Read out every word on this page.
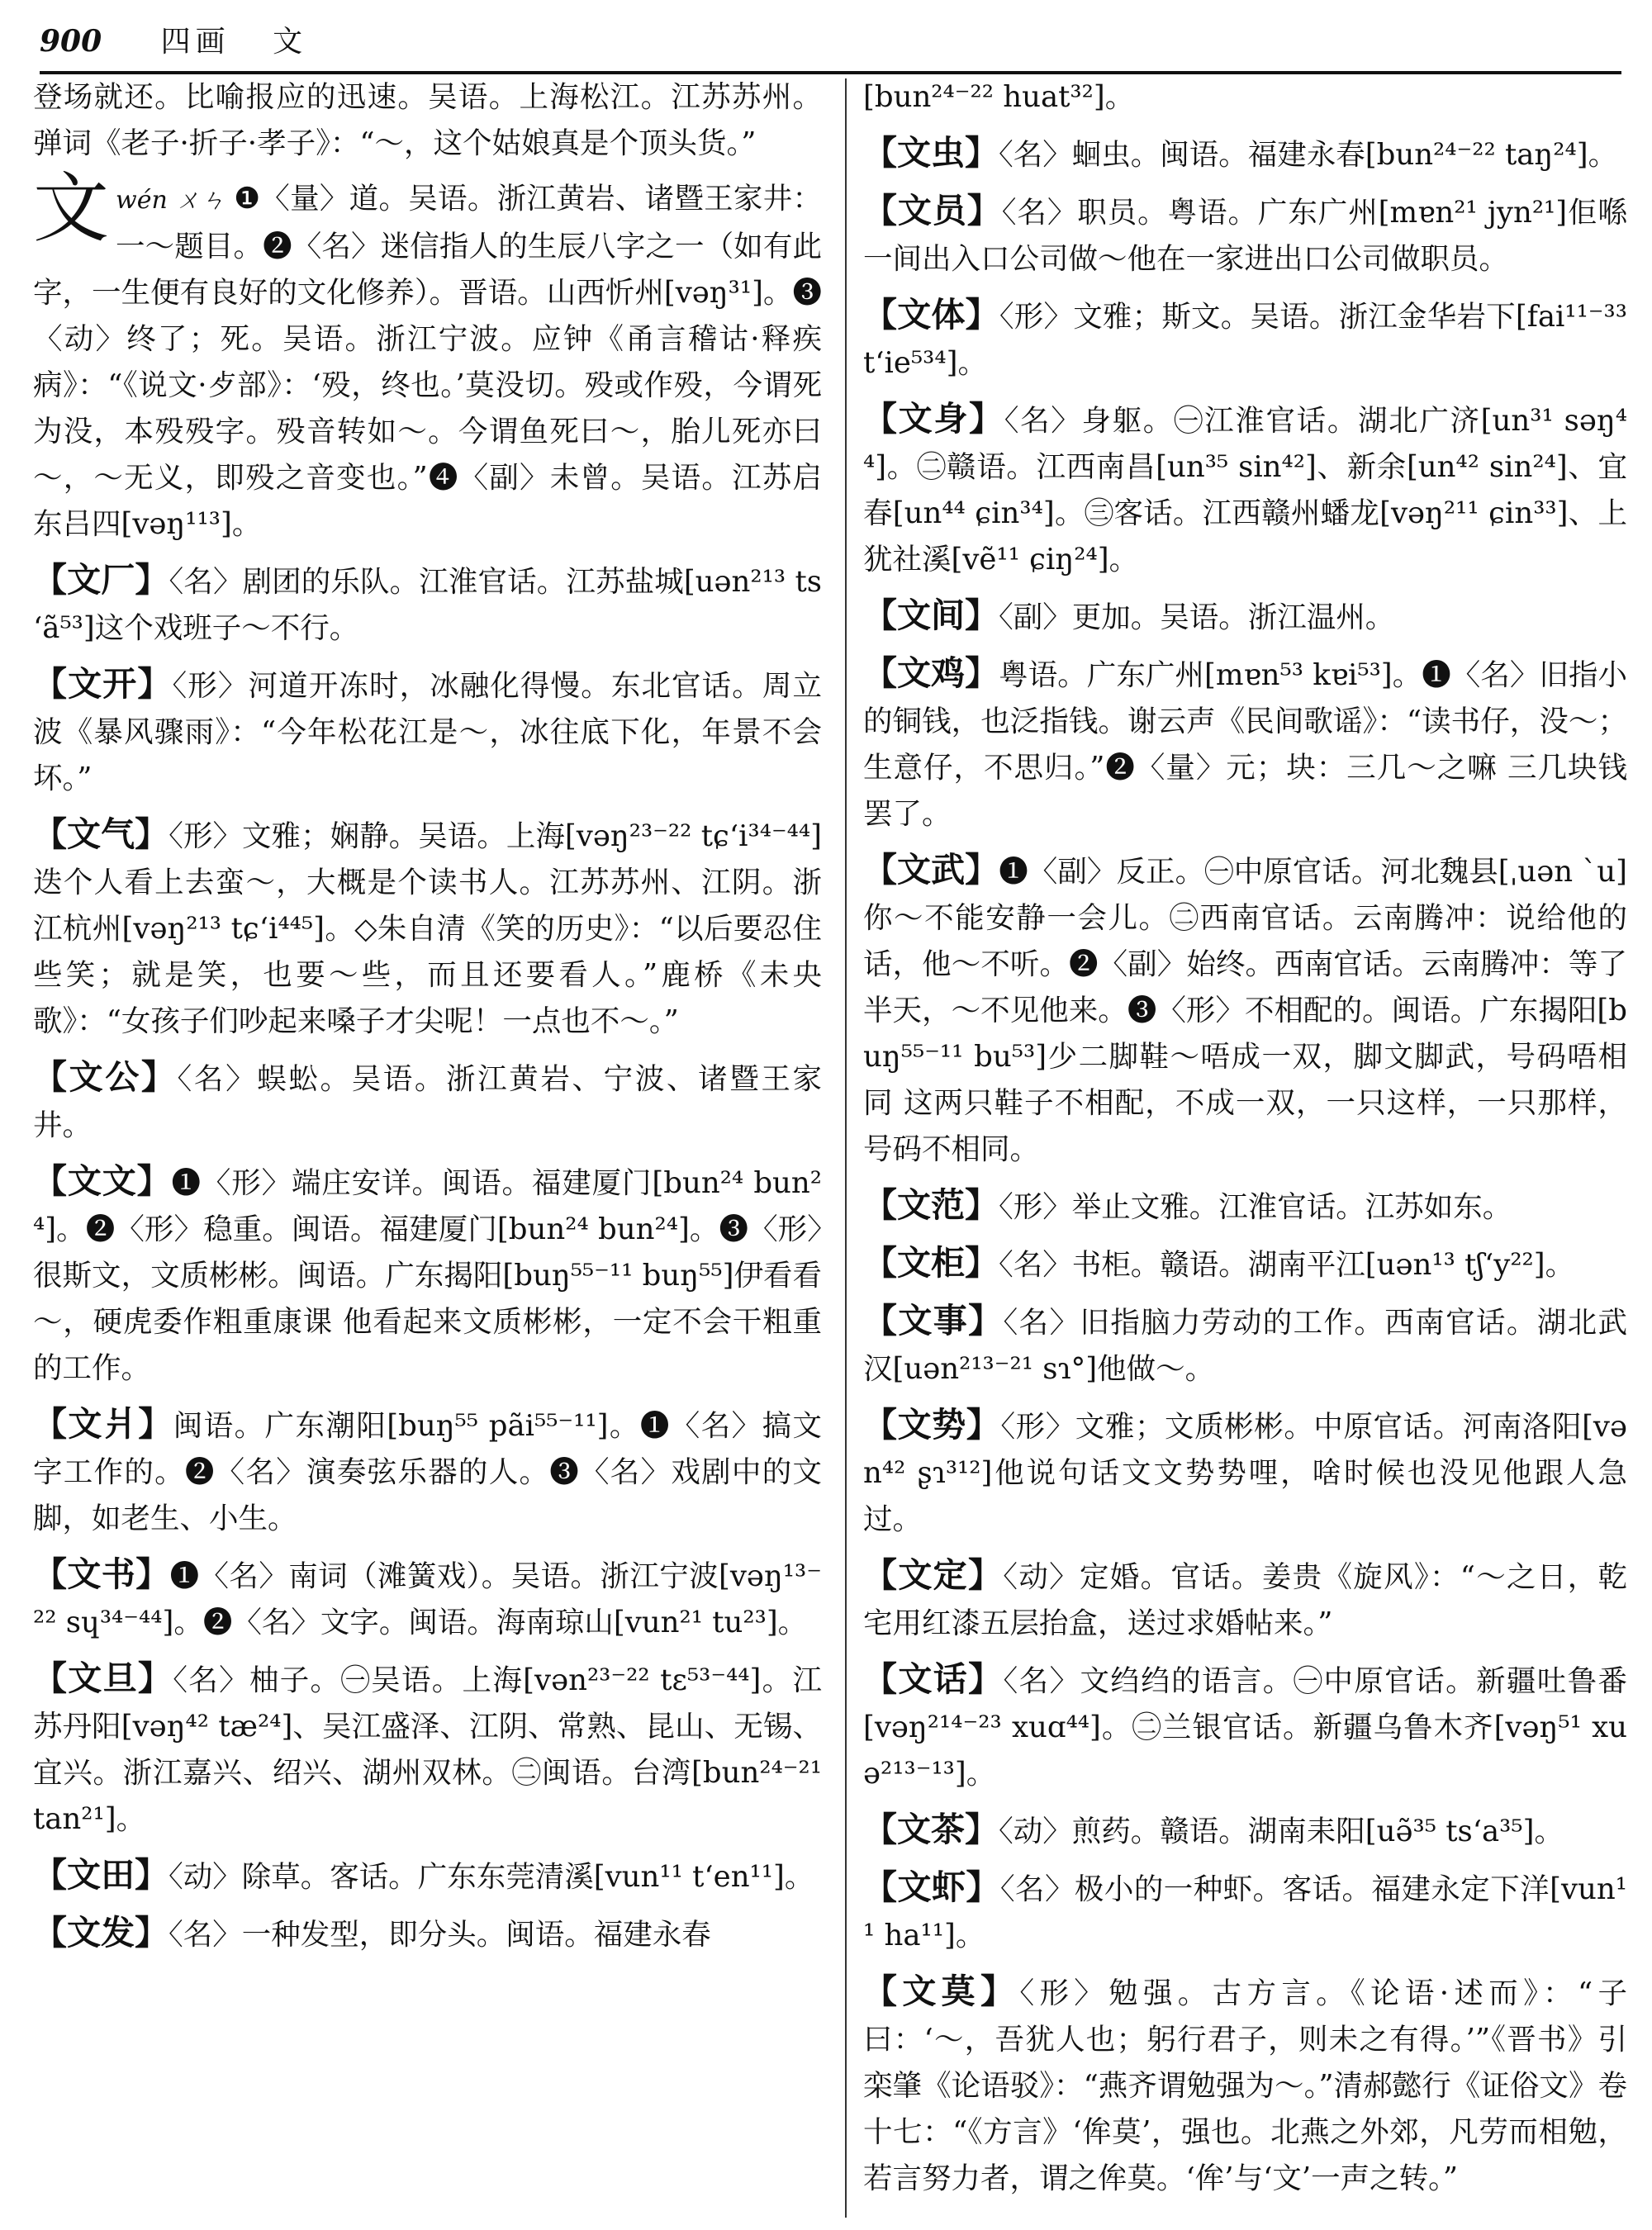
900 四画 文
登场就还。比喻报应的迅速。吴语。上海松江。江苏苏州。弹词《老子·折子·孝子》：“～，这个姑娘真是个顶头货。”
文wén ㄨㄣ ❶〈量〉道。吴语。浙江黄岩、诸暨王家井：一～题目。❷〈名〉迷信指人的生辰八字之一（如有此字，一生便有良好的文化修养）。晋语。山西忻州[vəŋ³¹]。❸〈动〉终了；死。吴语。浙江宁波。应钟《甬言稽诂·释疾病》：“《说文·歺部》：‘殁，终也。’莫没切。殁或作殁，今谓死为没，本殁殁字。殁音转如～。今谓鱼死曰～，胎儿死亦曰～，～无义，即殁之音变也。”❹〈副〉未曾。吴语。江苏启东吕四[vəŋ¹¹³]。
【文厂】〈名〉剧团的乐队。江淮官话。江苏盐城[uən²¹³ tsʻã⁵³]这个戏班子～不行。
【文开】〈形〉河道开冻时，冰融化得慢。东北官话。周立波《暴风骤雨》：“今年松花江是～，冰往底下化，年景不会坏。”
【文气】〈形〉文雅；娴静。吴语。上海[vəŋ²³⁻²² tɕʻi³⁴⁻⁴⁴]迭个人看上去蛮～，大概是个读书人。江苏苏州、江阴。浙江杭州[vəŋ²¹³ tɕʻi⁴⁴⁵]。◇朱自清《笑的历史》：“以后要忍住些笑；就是笑，也要～些，而且还要看人。”鹿桥《未央歌》：“女孩子们吵起来嗓子才尖呢！一点也不～。”
【文公】〈名〉蜈蚣。吴语。浙江黄岩、宁波、诸暨王家井。
【文文】❶〈形〉端庄安详。闽语。福建厦门[bun²⁴ bun²⁴]。❷〈形〉稳重。闽语。福建厦门[bun²⁴ bun²⁴]。❸〈形〉很斯文，文质彬彬。闽语。广东揭阳[buŋ⁵⁵⁻¹¹ buŋ⁵⁵]伊看看～，硬虎委作粗重康课 他看起来文质彬彬，一定不会干粗重的工作。
【文爿】闽语。广东潮阳[buŋ⁵⁵ pãi⁵⁵⁻¹¹]。❶〈名〉搞文字工作的。❷〈名〉演奏弦乐器的人。❸〈名〉戏剧中的文脚，如老生、小生。
【文书】❶〈名〉南词（滩簧戏）。吴语。浙江宁波[vəŋ¹³⁻²² sɥ³⁴⁻⁴⁴]。❷〈名〉文字。闽语。海南琼山[vun²¹ tu²³]。
【文旦】〈名〉柚子。㊀吴语。上海[vən²³⁻²² tɛ⁵³⁻⁴⁴]。江苏丹阳[vəŋ⁴² tæ²⁴]、吴江盛泽、江阴、常熟、昆山、无锡、宜兴。浙江嘉兴、绍兴、湖州双林。㊁闽语。台湾[bun²⁴⁻²¹ tan²¹]。
【文田】〈动〉除草。客话。广东东莞清溪[vun¹¹ tʻen¹¹]。
【文发】〈名〉一种发型，即分头。闽语。福建永春
[bun²⁴⁻²² huat³²]。
【文虫】〈名〉蛔虫。闽语。福建永春[bun²⁴⁻²² taŋ²⁴]。
【文员】〈名〉职员。粤语。广东广州[mɐn²¹ jyn²¹]佢喺一间出入口公司做～他在一家进出口公司做职员。
【文体】〈形〉文雅；斯文。吴语。浙江金华岩下[fai¹¹⁻³³ tʻie⁵³⁴]。
【文身】〈名〉身躯。㊀江淮官话。湖北广济[un³¹ səŋ⁴⁴]。㊁赣语。江西南昌[un³⁵ sin⁴²]、新余[un⁴² sin²⁴]、宜春[un⁴⁴ ɕin³⁴]。㊂客话。江西赣州蟠龙[vəŋ²¹¹ ɕin³³]、上犹社溪[vẽ¹¹ ɕiŋ²⁴]。
【文间】〈副〉更加。吴语。浙江温州。
【文鸡】粤语。广东广州[mɐn⁵³ kɐi⁵³]。❶〈名〉旧指小的铜钱，也泛指钱。谢云声《民间歌谣》：“读书仔，没～；生意仔，不思归。”❷〈量〉元；块：三几～之嘛 三几块钱罢了。
【文武】❶〈副〉反正。㊀中原官话。河北魏县[ˌuən ˋu]你～不能安静一会儿。㊁西南官话。云南腾冲：说给他的话，他～不听。❷〈副〉始终。西南官话。云南腾冲：等了半天，～不见他来。❸〈形〉不相配的。闽语。广东揭阳[buŋ⁵⁵⁻¹¹ bu⁵³]少二脚鞋～唔成一双，脚文脚武，号码唔相同 这两只鞋子不相配，不成一双，一只这样，一只那样，号码不相同。
【文范】〈形〉举止文雅。江淮官话。江苏如东。
【文柜】〈名〉书柜。赣语。湖南平江[uən¹³ tʃʻy²²]。
【文事】〈名〉旧指脑力劳动的工作。西南官话。湖北武汉[uən²¹³⁻²¹ sɿ°]他做～。
【文势】〈形〉文雅；文质彬彬。中原官话。河南洛阳[vən⁴² ʂɿ³¹²]他说句话文文势势哩，啥时候也没见他跟人急过。
【文定】〈动〉定婚。官话。姜贵《旋风》：“～之日，乾宅用红漆五层抬盒，送过求婚帖来。”
【文话】〈名〉文绉绉的语言。㊀中原官话。新疆吐鲁番[vəŋ²¹⁴⁻²³ xuɑ⁴⁴]。㊁兰银官话。新疆乌鲁木齐[vəŋ⁵¹ xuə²¹³⁻¹³]。
【文茶】〈动〉煎药。赣语。湖南耒阳[uə̃³⁵ tsʻa³⁵]。
【文虾】〈名〉极小的一种虾。客话。福建永定下洋[vun¹¹ ha¹¹]。
【文莫】〈形〉勉强。古方言。《论语·述而》：“子曰：‘～，吾犹人也；躬行君子，则未之有得。’”《晋书》引栾肇《论语驳》：“燕齐谓勉强为～。”清郝懿行《证俗文》卷十七：“《方言》‘侔莫’，强也。北燕之外郊，凡劳而相勉，若言努力者，谓之侔莫。‘侔’与‘文’一声之转。”
